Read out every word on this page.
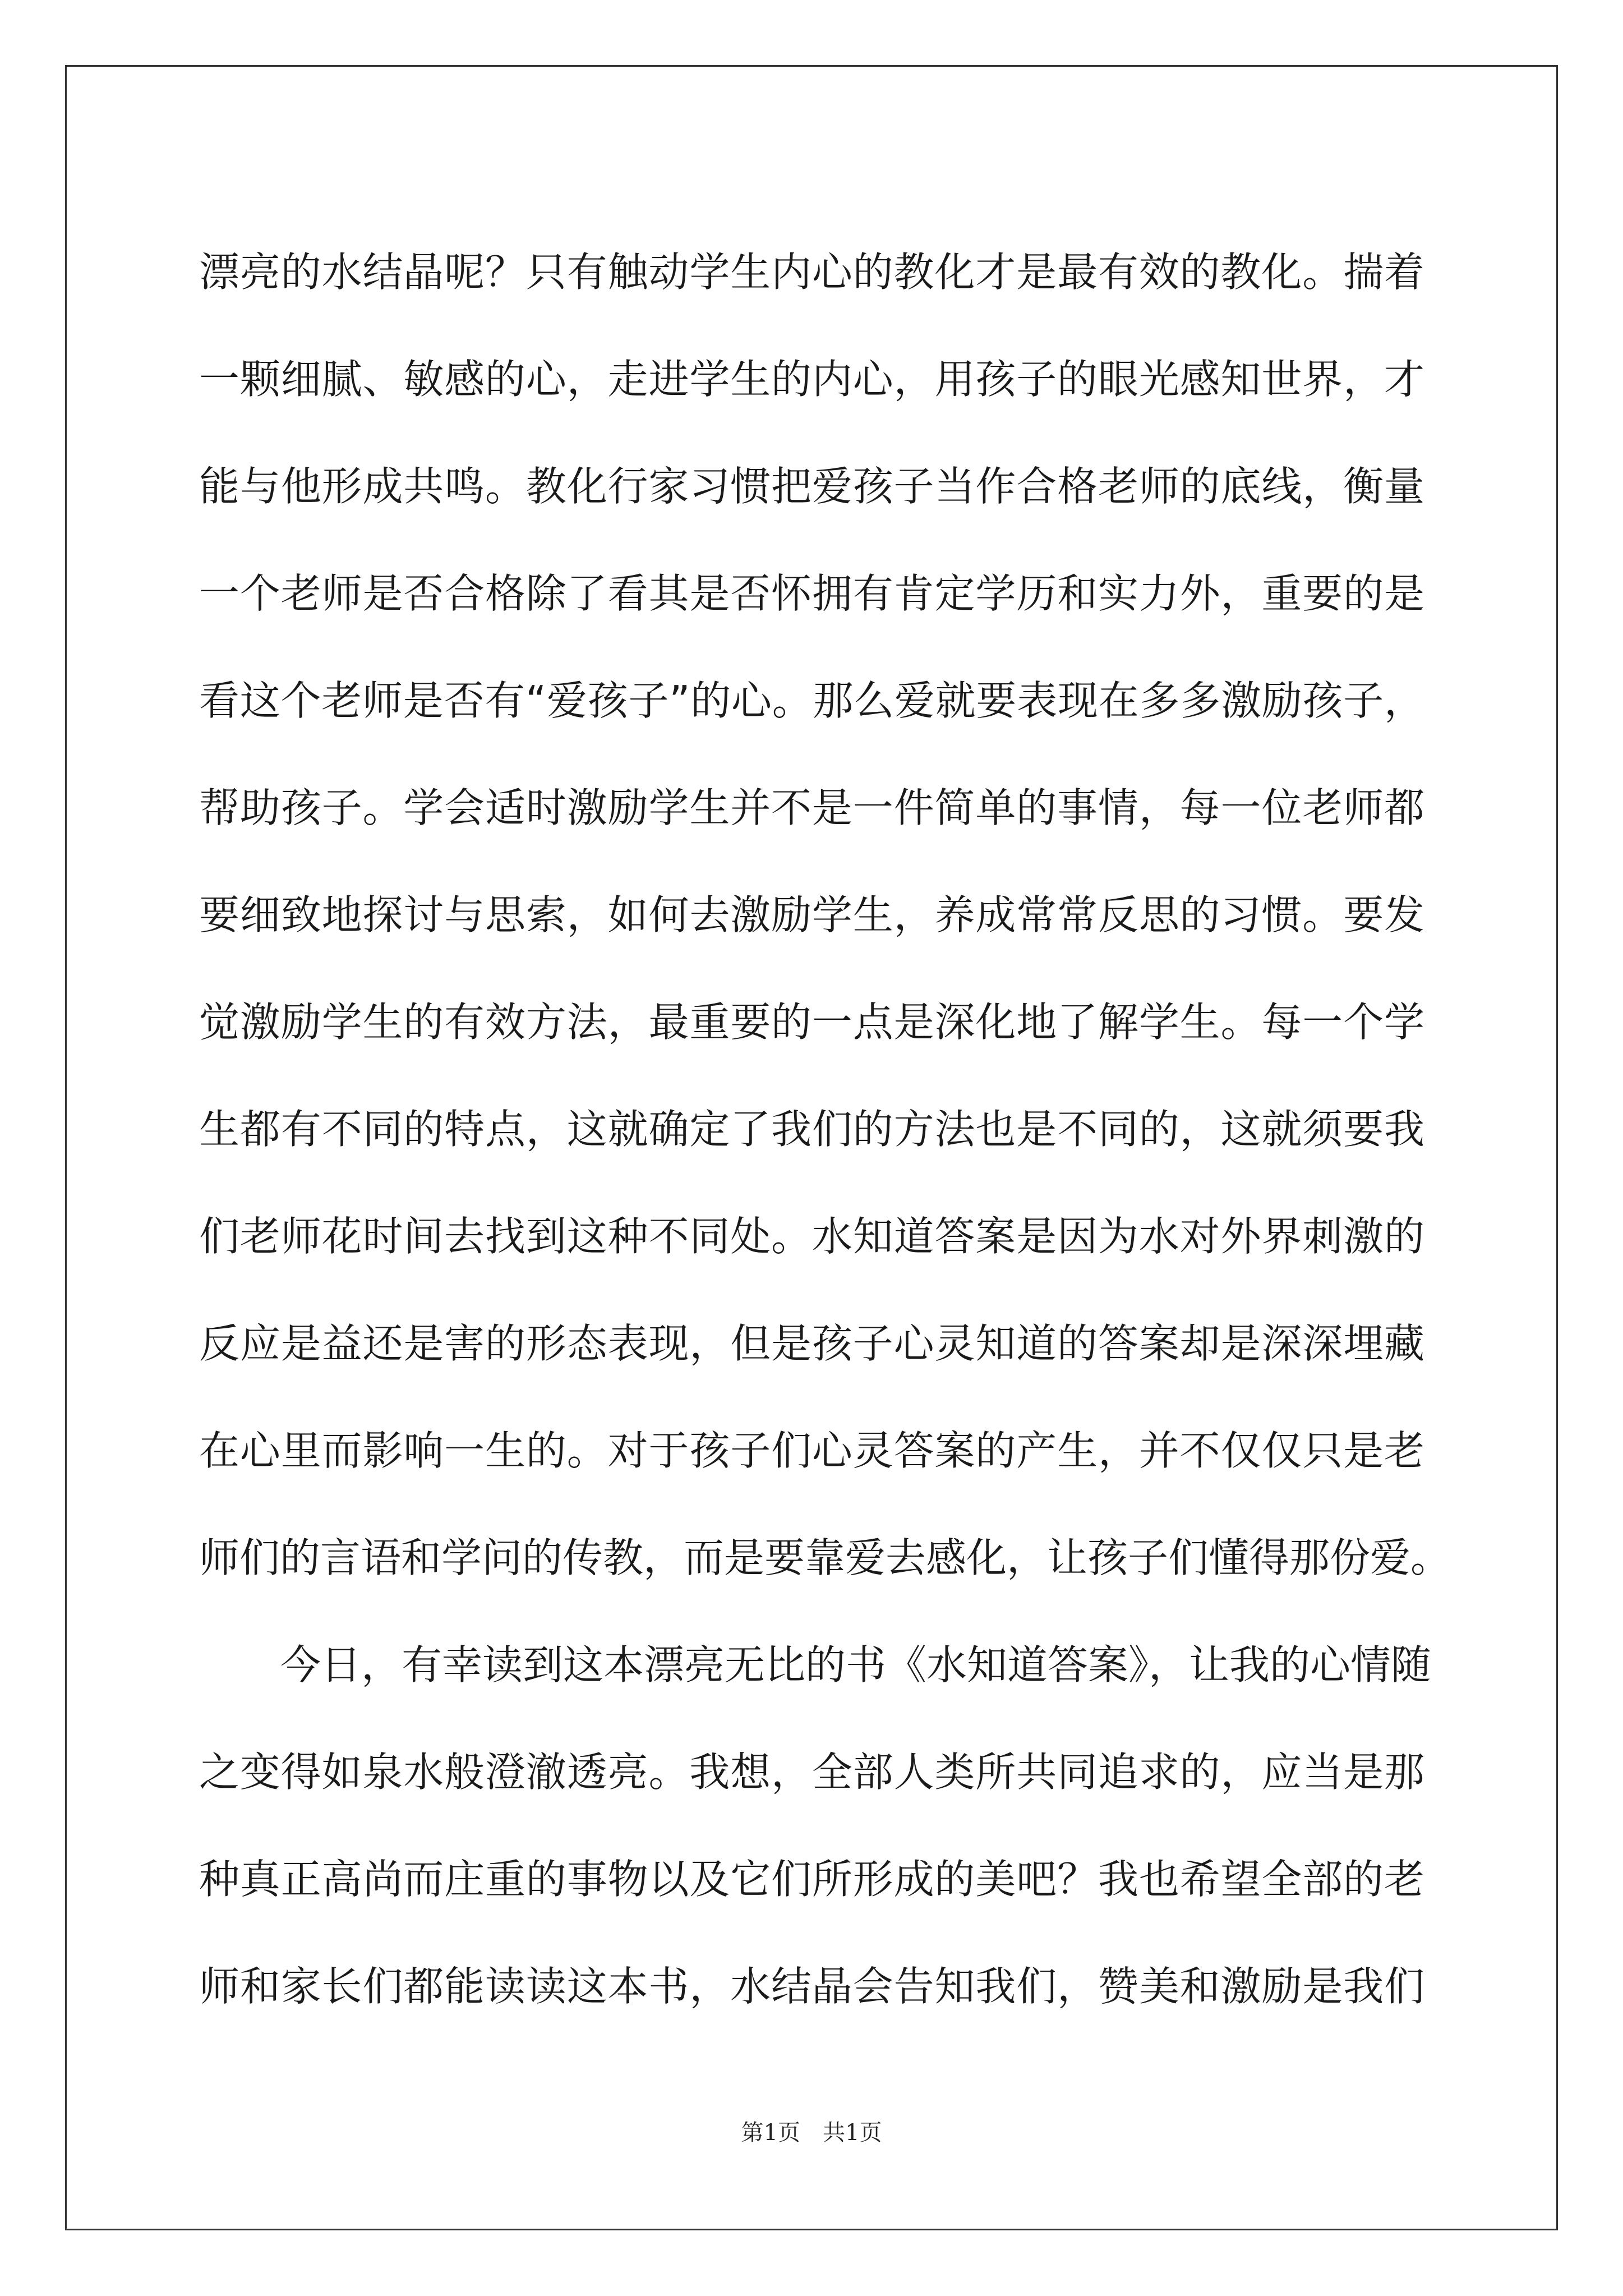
漂亮的水结晶呢？只有触动学生内心的教化才是最有效的教化。揣着
一颗细腻、敏感的心，走进学生的内心，用孩子的眼光感知世界，才
能与他形成共鸣。教化行家习惯把爱孩子当作合格老师的底线，衡量
一个老师是否合格除了看其是否怀拥有肯定学历和实力外，重要的是
看这个老师是否有“爱孩子”的心。那么爱就要表现在多多激励孩子，
帮助孩子。学会适时激励学生并不是一件简单的事情，每一位老师都
要细致地探讨与思索，如何去激励学生，养成常常反思的习惯。要发
觉激励学生的有效方法，最重要的一点是深化地了解学生。每一个学
生都有不同的特点，这就确定了我们的方法也是不同的，这就须要我
们老师花时间去找到这种不同处。水知道答案是因为水对外界刺激的
反应是益还是害的形态表现，但是孩子心灵知道的答案却是深深埋藏
在心里而影响一生的。对于孩子们心灵答案的产生，并不仅仅只是老
师们的言语和学问的传教，而是要靠爱去感化，让孩子们懂得那份爱。
今日，有幸读到这本漂亮无比的书《水知道答案》，让我的心情随
之变得如泉水般澄澈透亮。我想，全部人类所共同追求的，应当是那
种真正高尚而庄重的事物以及它们所形成的美吧？我也希望全部的老
师和家长们都能读读这本书，水结晶会告知我们，赞美和激励是我们
第1页　共1页
